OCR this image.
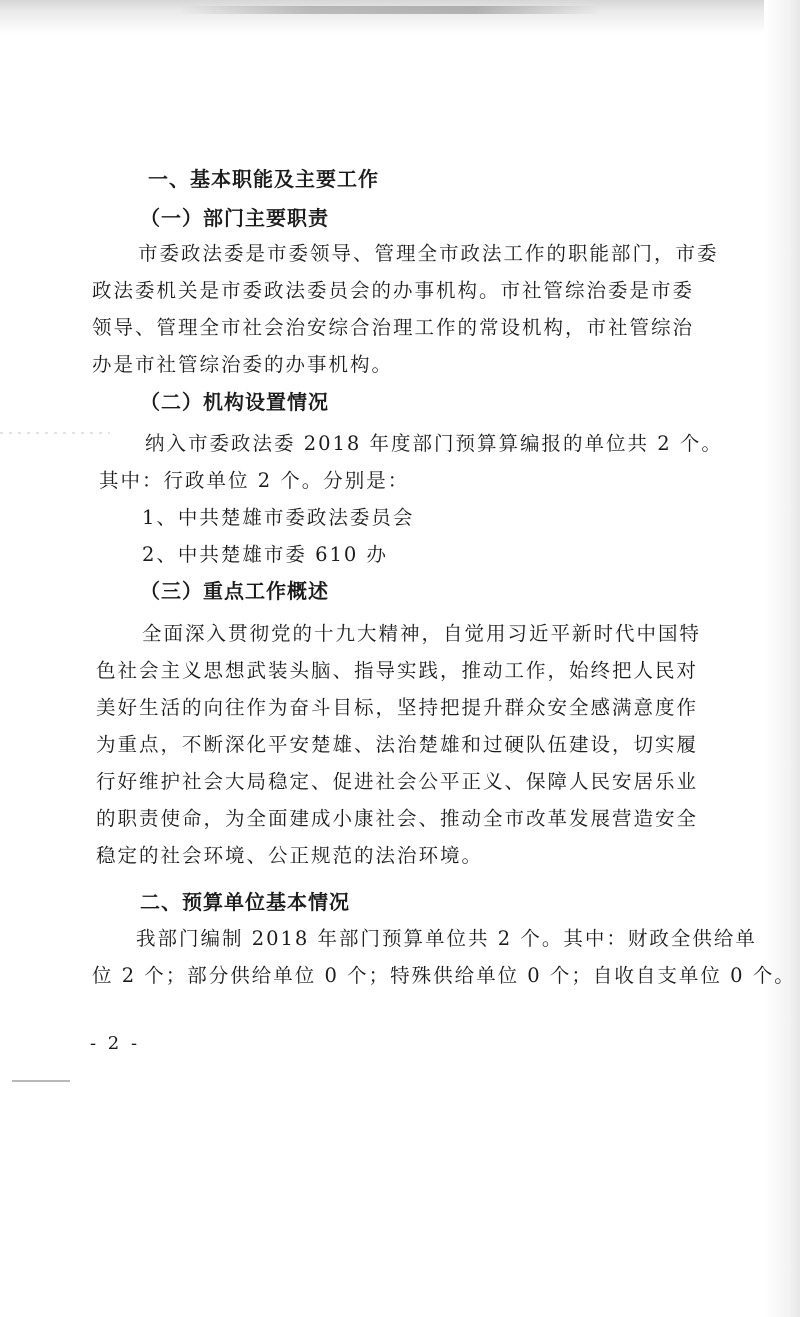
一、基本职能及主要工作
（一）部门主要职责
市委政法委是市委领导、管理全市政法工作的职能部门，市委
政法委机关是市委政法委员会的办事机构。市社管综治委是市委
领导、管理全市社会治安综合治理工作的常设机构，市社管综治
办是市社管综治委的办事机构。
（二）机构设置情况
纳入市委政法委 2018 年度部门预算算编报的单位共 2 个。
其中：行政单位 2 个。分别是：
1、中共楚雄市委政法委员会
2、中共楚雄市委 610 办
（三）重点工作概述
全面深入贯彻党的十九大精神，自觉用习近平新时代中国特
色社会主义思想武装头脑、指导实践，推动工作，始终把人民对
美好生活的向往作为奋斗目标，坚持把提升群众安全感满意度作
为重点，不断深化平安楚雄、法治楚雄和过硬队伍建设，切实履
行好维护社会大局稳定、促进社会公平正义、保障人民安居乐业
的职责使命，为全面建成小康社会、推动全市改革发展营造安全
稳定的社会环境、公正规范的法治环境。
二、预算单位基本情况
我部门编制 2018 年部门预算单位共 2 个。其中：财政全供给单
位 2 个；部分供给单位 0 个；特殊供给单位 0 个；自收自支单位 0 个。
- 2 -
